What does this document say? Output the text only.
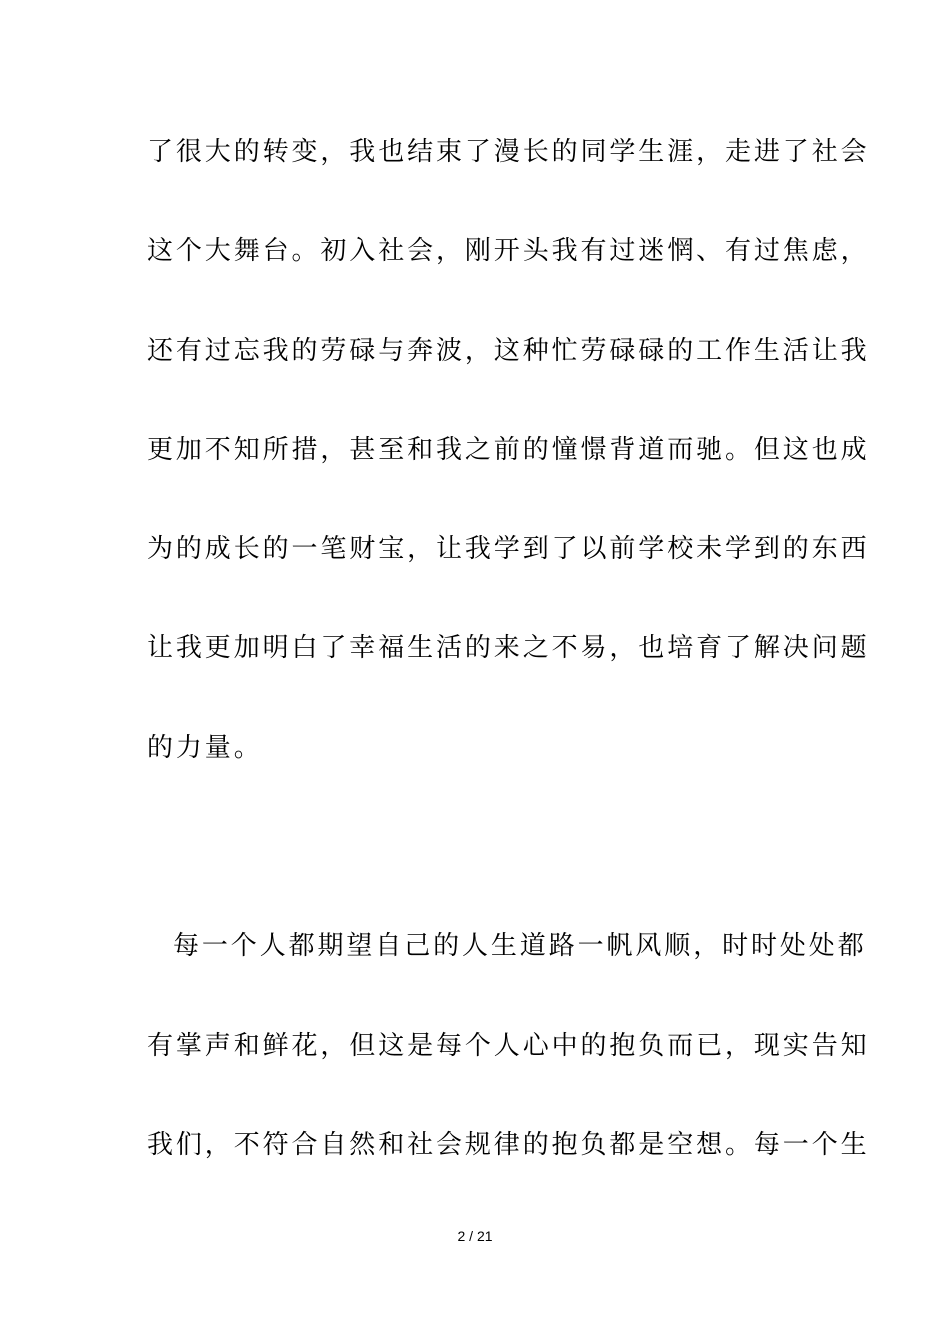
了很大的转变，我也结束了漫长的同学生涯，走进了社会
这个大舞台。初入社会，刚开头我有过迷惘、有过焦虑，
还有过忘我的劳碌与奔波，这种忙劳碌碌的工作生活让我
更加不知所措，甚至和我之前的憧憬背道而驰。但这也成
为的成长的一笔财宝，让我学到了以前学校未学到的东西
让我更加明白了幸福生活的来之不易，也培育了解决问题
的力量。
每一个人都期望自己的人生道路一帆风顺，时时处处都
有掌声和鲜花，但这是每个人心中的抱负而已，现实告知
我们，不符合自然和社会规律的抱负都是空想。每一个生
2 / 21
